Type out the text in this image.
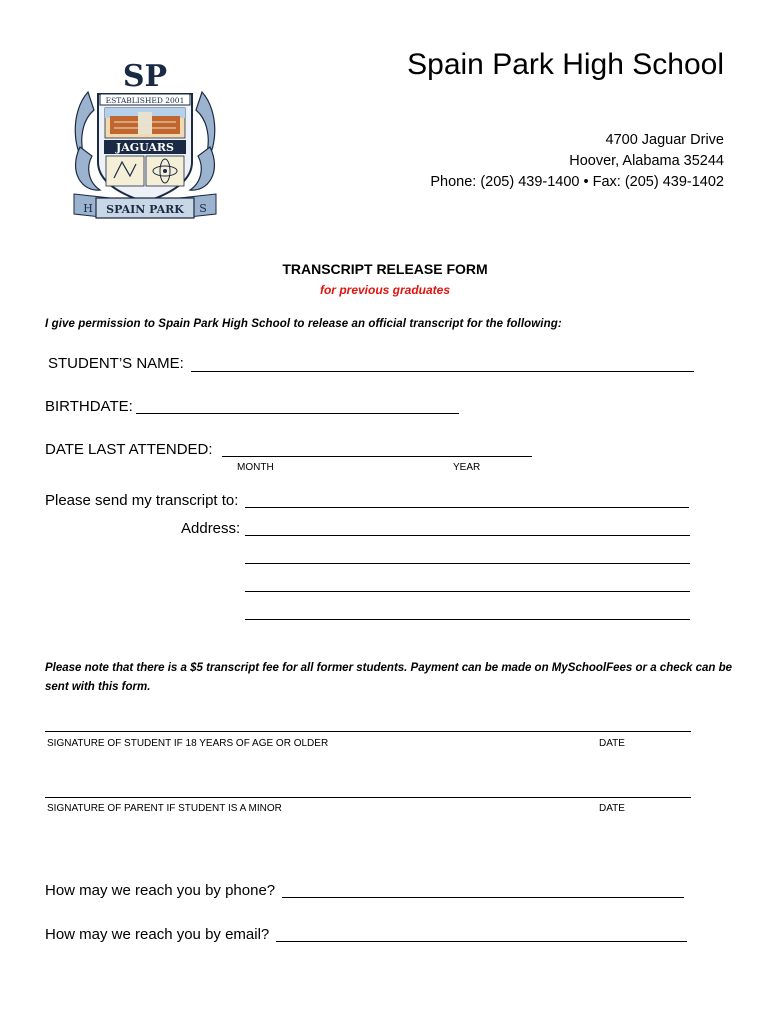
SP
ESTABLISHED 2001
JAGUARS
H SPAIN PARK S
Spain Park High School
4700 Jaguar Drive
Hoover, Alabama 35244
Phone: (205) 439-1400 • Fax: (205) 439-1402
TRANSCRIPT RELEASE FORM
for previous graduates
I give permission to Spain Park High School to release an official transcript for the following:
STUDENT’S NAME:
BIRTHDATE:
DATE LAST ATTENDED:
MONTH	YEAR
Please send my transcript to:
Address:
Please note that there is a $5 transcript fee for all former students. Payment can be made on MySchoolFees or a check can be sent with this form.
SIGNATURE OF STUDENT IF 18 YEARS OF AGE OR OLDER	DATE
SIGNATURE OF PARENT IF STUDENT IS A MINOR	DATE
How may we reach you by phone?
How may we reach you by email?
